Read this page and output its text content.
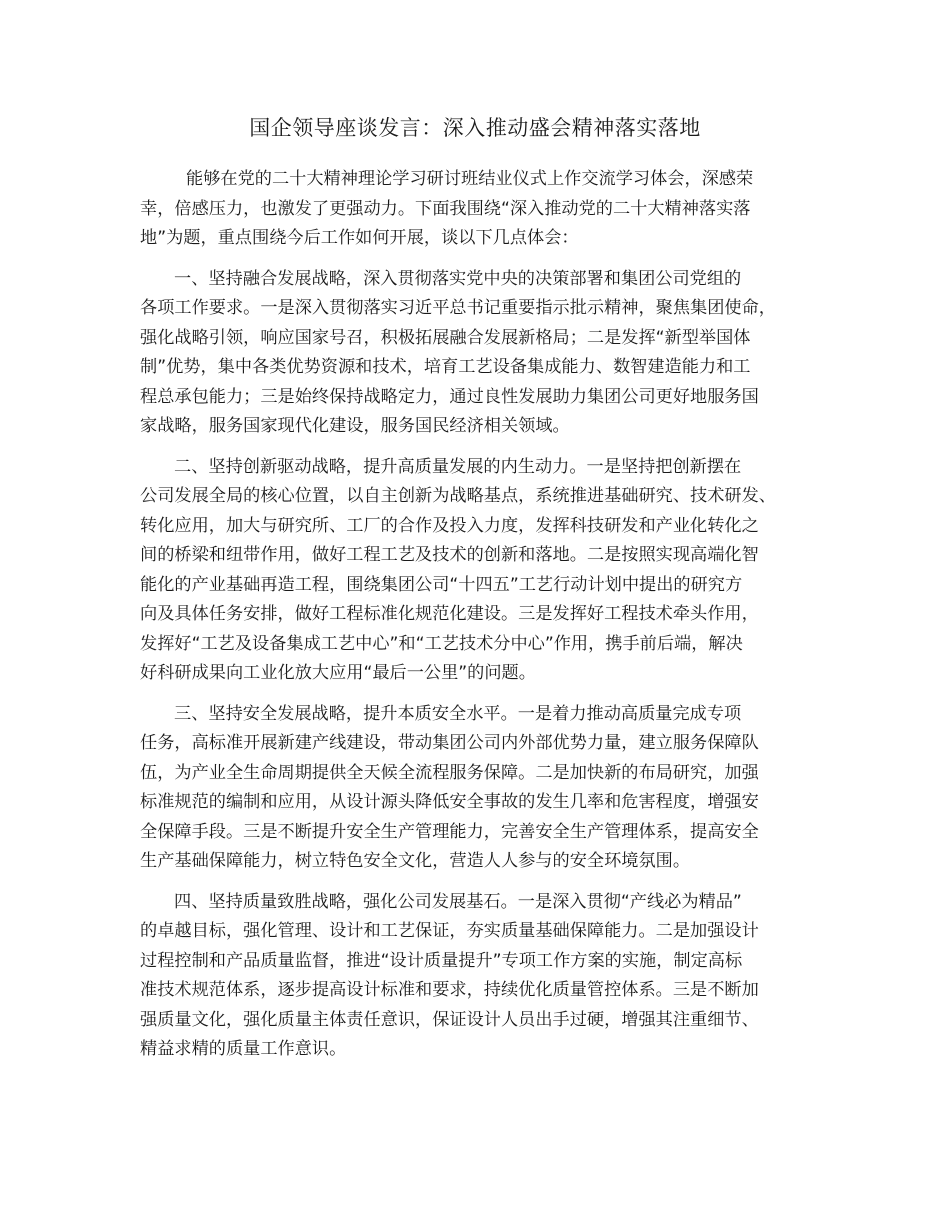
国企领导座谈发言：深入推动盛会精神落实落地
能够在党的二十大精神理论学习研讨班结业仪式上作交流学习体会，深感荣
幸，倍感压力，也激发了更强动力。下面我围绕“深入推动党的二十大精神落实落
地”为题，重点围绕今后工作如何开展，谈以下几点体会：
一、坚持融合发展战略，深入贯彻落实党中央的决策部署和集团公司党组的
各项工作要求。一是深入贯彻落实习近平总书记重要指示批示精神，聚焦集团使命，
强化战略引领，响应国家号召，积极拓展融合发展新格局；二是发挥“新型举国体
制”优势，集中各类优势资源和技术，培育工艺设备集成能力、数智建造能力和工
程总承包能力；三是始终保持战略定力，通过良性发展助力集团公司更好地服务国
家战略，服务国家现代化建设，服务国民经济相关领域。
二、坚持创新驱动战略，提升高质量发展的内生动力。一是坚持把创新摆在
公司发展全局的核心位置，以自主创新为战略基点，系统推进基础研究、技术研发、
转化应用，加大与研究所、工厂的合作及投入力度，发挥科技研发和产业化转化之
间的桥梁和纽带作用，做好工程工艺及技术的创新和落地。二是按照实现高端化智
能化的产业基础再造工程，围绕集团公司“十四五”工艺行动计划中提出的研究方
向及具体任务安排，做好工程标准化规范化建设。三是发挥好工程技术牵头作用，
发挥好“工艺及设备集成工艺中心”和“工艺技术分中心”作用，携手前后端，解决
好科研成果向工业化放大应用“最后一公里”的问题。
三、坚持安全发展战略，提升本质安全水平。一是着力推动高质量完成专项
任务，高标准开展新建产线建设，带动集团公司内外部优势力量，建立服务保障队
伍，为产业全生命周期提供全天候全流程服务保障。二是加快新的布局研究，加强
标准规范的编制和应用，从设计源头降低安全事故的发生几率和危害程度，增强安
全保障手段。三是不断提升安全生产管理能力，完善安全生产管理体系，提高安全
生产基础保障能力，树立特色安全文化，营造人人参与的安全环境氛围。
四、坚持质量致胜战略，强化公司发展基石。一是深入贯彻“产线必为精品”
的卓越目标，强化管理、设计和工艺保证，夯实质量基础保障能力。二是加强设计
过程控制和产品质量监督，推进“设计质量提升”专项工作方案的实施，制定高标
准技术规范体系，逐步提高设计标准和要求，持续优化质量管控体系。三是不断加
强质量文化，强化质量主体责任意识，保证设计人员出手过硬，增强其注重细节、
精益求精的质量工作意识。
